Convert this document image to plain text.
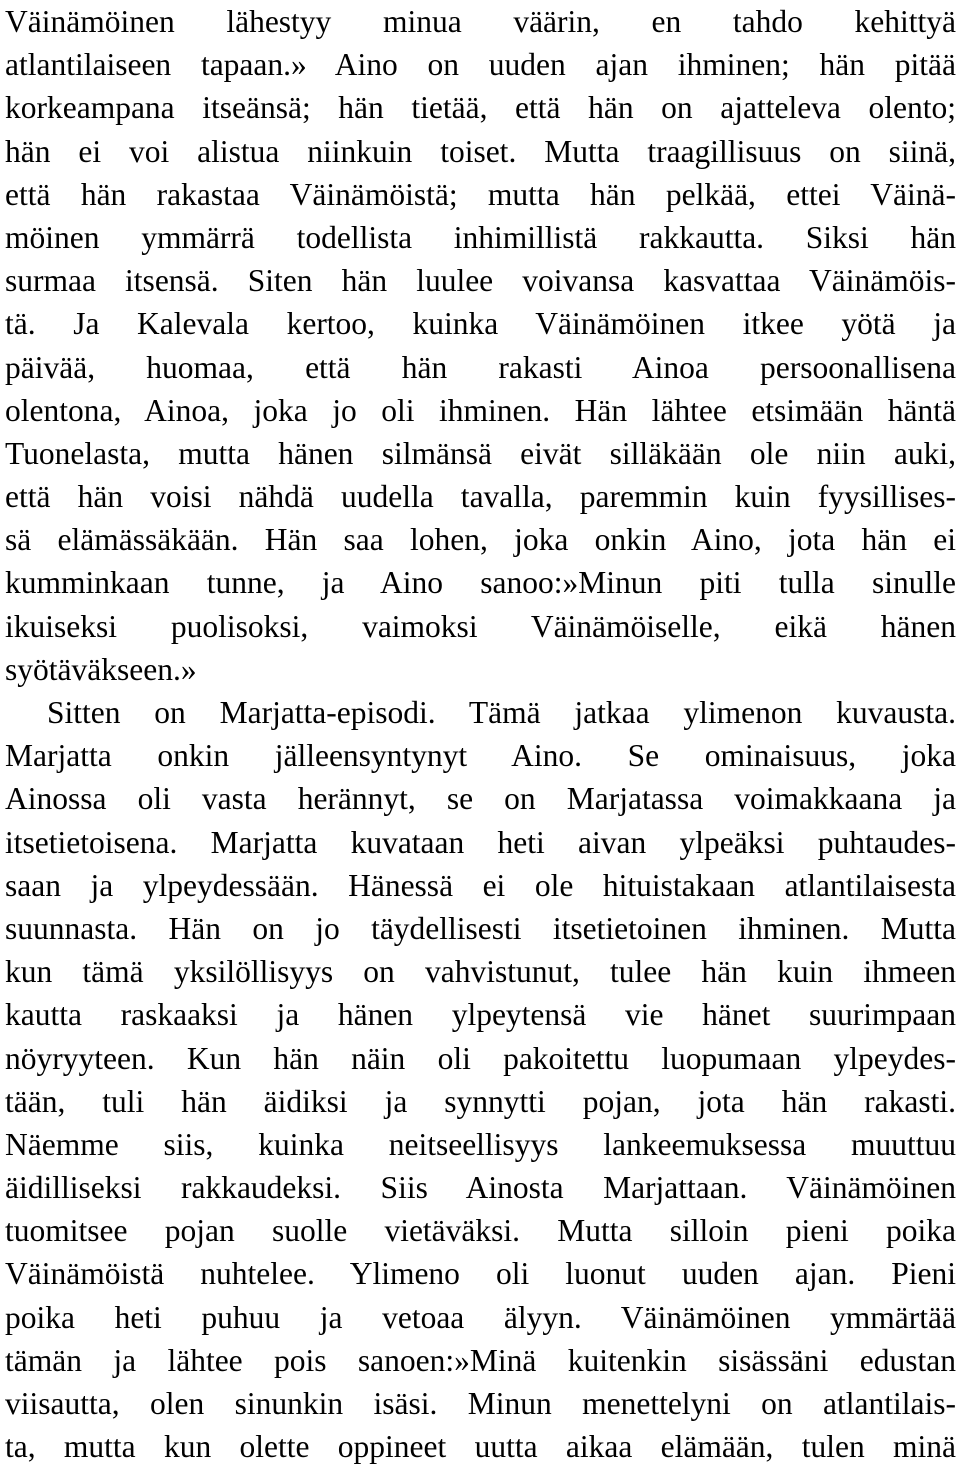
Väinämöinen lähestyy minua väärin, en tahdo kehittyä
atlantilaiseen tapaan.» Aino on uuden ajan ihminen; hän pitää
korkeampana itseänsä; hän tietää, että hän on ajatteleva olento;
hän ei voi alistua niinkuin toiset. Mutta traagillisuus on siinä,
että hän rakastaa Väinämöistä; mutta hän pelkää, ettei Väinä-
möinen ymmärrä todellista inhimillistä rakkautta. Siksi hän
surmaa itsensä. Siten hän luulee voivansa kasvattaa Väinämöis-
tä. Ja Kalevala kertoo, kuinka Väinämöinen itkee yötä ja
päivää, huomaa, että hän rakasti Ainoa persoonallisena
olentona, Ainoa, joka jo oli ihminen. Hän lähtee etsimään häntä
Tuonelasta, mutta hänen silmänsä eivät silläkään ole niin auki,
että hän voisi nähdä uudella tavalla, paremmin kuin fyysillises-
sä elämässäkään. Hän saa lohen, joka onkin Aino, jota hän ei
kumminkaan tunne, ja Aino sanoo:»Minun piti tulla sinulle
ikuiseksi puolisoksi, vaimoksi Väinämöiselle, eikä hänen
syötäväkseen.»
Sitten on Marjatta-episodi. Tämä jatkaa ylimenon kuvausta.
Marjatta onkin jälleensyntynyt Aino. Se ominaisuus, joka
Ainossa oli vasta herännyt, se on Marjatassa voimakkaana ja
itsetietoisena. Marjatta kuvataan heti aivan ylpeäksi puhtaudes-
saan ja ylpeydessään. Hänessä ei ole hituistakaan atlantilaisesta
suunnasta. Hän on jo täydellisesti itsetietoinen ihminen. Mutta
kun tämä yksilöllisyys on vahvistunut, tulee hän kuin ihmeen
kautta raskaaksi ja hänen ylpeytensä vie hänet suurimpaan
nöyryyteen. Kun hän näin oli pakoitettu luopumaan ylpeydes-
tään, tuli hän äidiksi ja synnytti pojan, jota hän rakasti.
Näemme siis, kuinka neitseellisyys lankeemuksessa muuttuu
äidilliseksi rakkaudeksi. Siis Ainosta Marjattaan. Väinämöinen
tuomitsee pojan suolle vietäväksi. Mutta silloin pieni poika
Väinämöistä nuhtelee. Ylimeno oli luonut uuden ajan. Pieni
poika heti puhuu ja vetoaa älyyn. Väinämöinen ymmärtää
tämän ja lähtee pois sanoen:»Minä kuitenkin sisässäni edustan
viisautta, olen sinunkin isäsi. Minun menettelyni on atlantilais-
ta, mutta kun olette oppineet uutta aikaa elämään, tulen minä
